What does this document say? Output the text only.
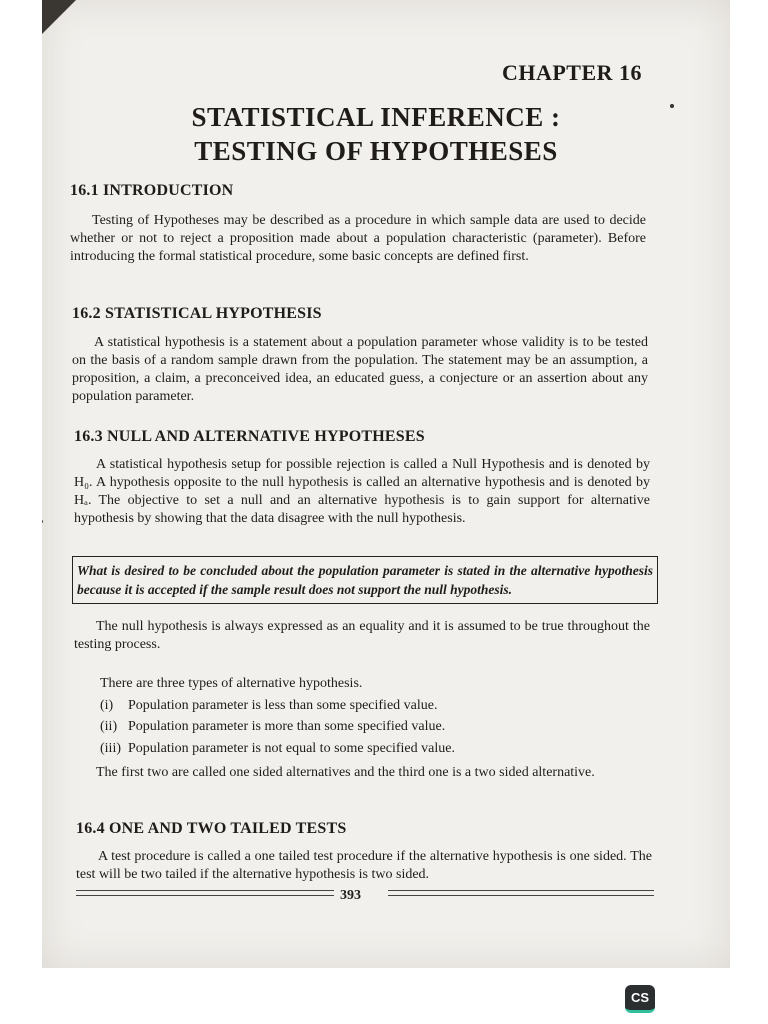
CHAPTER 16
STATISTICAL INFERENCE :
TESTING OF HYPOTHESES
16.1 INTRODUCTION
Testing of Hypotheses may be described as a procedure in which sample data are used to decide whether or not to reject a proposition made about a population characteristic (parameter). Before introducing the formal statistical procedure, some basic concepts are defined first.
16.2 STATISTICAL HYPOTHESIS
A statistical hypothesis is a statement about a population parameter whose validity is to be tested on the basis of a random sample drawn from the population. The statement may be an assumption, a proposition, a claim, a preconceived idea, an educated guess, a conjecture or an assertion about any population parameter.
16.3 NULL AND ALTERNATIVE HYPOTHESES
A statistical hypothesis setup for possible rejection is called a Null Hypothesis and is denoted by H₀. A hypothesis opposite to the null hypothesis is called an alternative hypothesis and is denoted by Hₐ. The objective to set a null and an alternative hypothesis is to gain support for alternative hypothesis by showing that the data disagree with the null hypothesis.
What is desired to be concluded about the population parameter is stated in the alternative hypothesis because it is accepted if the sample result does not support the null hypothesis.
The null hypothesis is always expressed as an equality and it is assumed to be true throughout the testing process.
There are three types of alternative hypothesis.
(i)	Population parameter is less than some specified value.
(ii) Population parameter is more than some specified value.
(iii) Population parameter is not equal to some specified value.
The first two are called one sided alternatives and the third one is a two sided alternative.
16.4 ONE AND TWO TAILED TESTS
A test procedure is called a one tailed test procedure if the alternative hypothesis is one sided. The test will be two tailed if the alternative hypothesis is two sided.
393
CS
